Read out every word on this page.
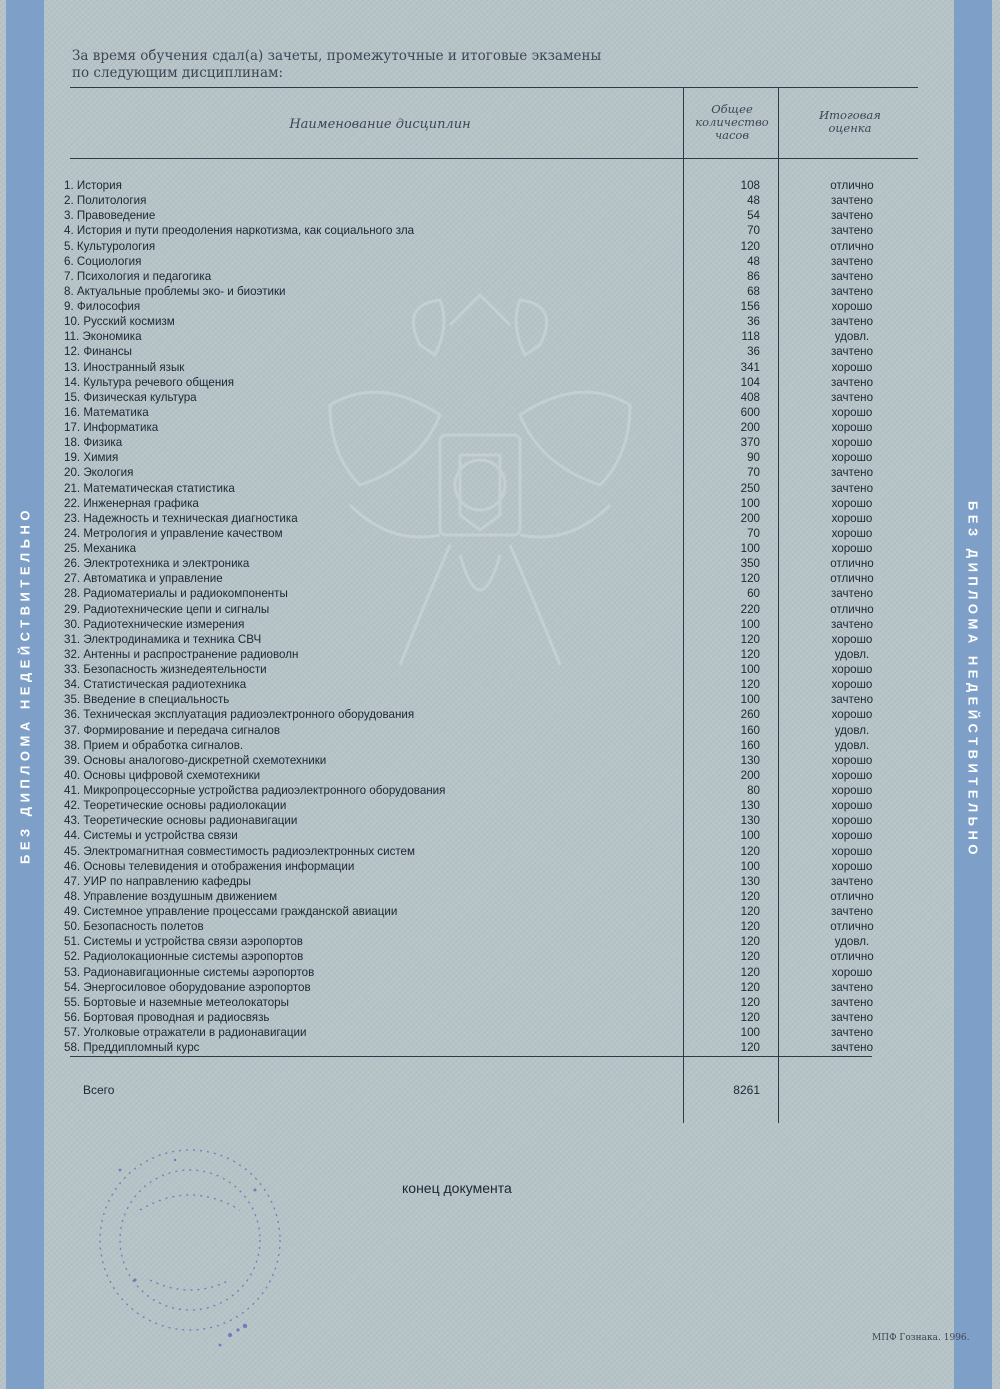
БЕЗ ДИПЛОМА НЕДЕЙСТВИТЕЛЬНО	БЕЗ ДИПЛОМА НЕДЕЙСТВИТЕЛЬНО
За время обучения сдал(а) зачеты, промежуточные и итоговые экзамены
по следующим дисциплинам:
Наименование дисциплин
Общее
количество
часов
Итоговая
оценка
1. История	108	отлично
2. Политология	48	зачтено
3. Правоведение	54	зачтено
4. История и пути преодоления наркотизма, как социального зла	70	зачтено
5. Культурология	120	отлично
6. Социология	48	зачтено
7. Психология и педагогика	86	зачтено
8. Актуальные проблемы эко- и биоэтики	68	зачтено
9. Философия	156	хорошо
10. Русский космизм	36	зачтено
11. Экономика	118	удовл.
12. Финансы	36	зачтено
13. Иностранный язык	341	хорошо
14. Культура речевого общения	104	зачтено
15. Физическая культура	408	зачтено
16. Математика	600	хорошо
17. Информатика	200	хорошо
18. Физика	370	хорошо
19. Химия	90	хорошо
20. Экология	70	зачтено
21. Математическая статистика	250	зачтено
22. Инженерная графика	100	хорошо
23. Надежность и техническая диагностика	200	хорошо
24. Метрология и управление качеством	70	хорошо
25. Механика	100	хорошо
26. Электротехника и электроника	350	отлично
27. Автоматика и управление	120	отлично
28. Радиоматериалы и радиокомпоненты	60	зачтено
29. Радиотехнические цепи и сигналы	220	отлично
30. Радиотехнические измерения	100	зачтено
31. Электродинамика и техника СВЧ	120	хорошо
32. Антенны и распространение радиоволн	120	удовл.
33. Безопасность жизнедеятельности	100	хорошо
34. Статистическая радиотехника	120	хорошо
35. Введение в специальность	100	зачтено
36. Техническая эксплуатация радиоэлектронного оборудования	260	хорошо
37. Формирование и передача сигналов	160	удовл.
38. Прием и обработка сигналов.	160	удовл.
39. Основы аналогово-дискретной схемотехники	130	хорошо
40. Основы цифровой схемотехники	200	хорошо
41. Микропроцессорные устройства радиоэлектронного оборудования	80	хорошо
42. Теоретические основы радиолокации	130	хорошо
43. Теоретические основы радионавигации	130	хорошо
44. Системы и устройства связи	100	хорошо
45. Электромагнитная совместимость радиоэлектронных систем	120	хорошо
46. Основы телевидения и отображения информации	100	хорошо
47. УИР по направлению кафедры	130	зачтено
48. Управление воздушным движением	120	отлично
49. Системное управление процессами гражданской авиации	120	зачтено
50. Безопасность полетов	120	отлично
51. Системы и устройства связи аэропортов	120	удовл.
52. Радиолокационные системы аэропортов	120	отлично
53. Радионавигационные системы аэропортов	120	хорошо
54. Энергосиловое оборудование аэропортов	120	зачтено
55. Бортовые и наземные метеолокаторы	120	зачтено
56. Бортовая проводная и радиосвязь	120	зачтено
57. Уголковые отражатели в радионавигации	100	зачтено
58. Преддипломный курс	120	зачтено
Всего	8261
конец документа
МПФ Гознака. 1996.
